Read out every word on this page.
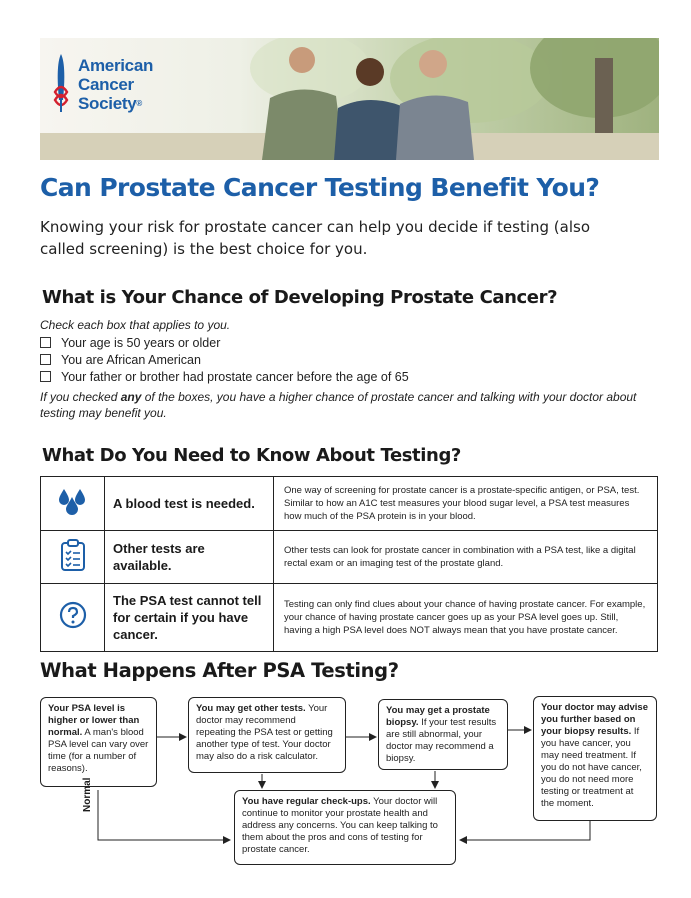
American
Cancer
Society®
Can Prostate Cancer Testing Benefit You?

Knowing your risk for prostate cancer can help you decide if testing (also called screening) is the best choice for you.

What is Your Chance of Developing Prostate Cancer?

Check each box that applies to you.

Your age is 50 years or older
You are African American
Your father or brother had prostate cancer before the age of 65

If you checked any of the boxes, you have a higher chance of prostate cancer and talking with your doctor about testing may benefit you.

What Do You Need to Know About Testing?
	A blood test is needed.	One way of screening for prostate cancer is a prostate-specific antigen, or PSA, test. Similar to how an A1C test measures your blood sugar level, a PSA test measures how much of the PSA protein is in your blood.
	Other tests are available.	Other tests can look for prostate cancer in combination with a PSA test, like a digital rectal exam or an imaging test of the prostate gland.
	The PSA test cannot tell for certain if you have cancer.	Testing can only find clues about your chance of having prostate cancer. For example, your chance of having prostate cancer goes up as your PSA level goes up. Still, having a high PSA level does NOT always mean that you have prostate cancer.
What Happens After PSA Testing?
Your PSA level is higher or lower than normal. A man's blood PSA level can vary over time (for a number of reasons).
You may get other tests. Your doctor may recommend repeating the PSA test or getting another type of test. Your doctor may also do a risk calculator.
You may get a prostate biopsy. If your test results are still abnormal, your doctor may recommend a biopsy.
Your doctor may advise you further based on your biopsy results. If you have cancer, you may need treatment. If you do not have cancer, you do not need more testing or treatment at the moment.
You have regular check-ups. Your doctor will continue to monitor your prostate health and address any concerns. You can keep talking to them about the pros and cons of testing for prostate cancer.
Normal
